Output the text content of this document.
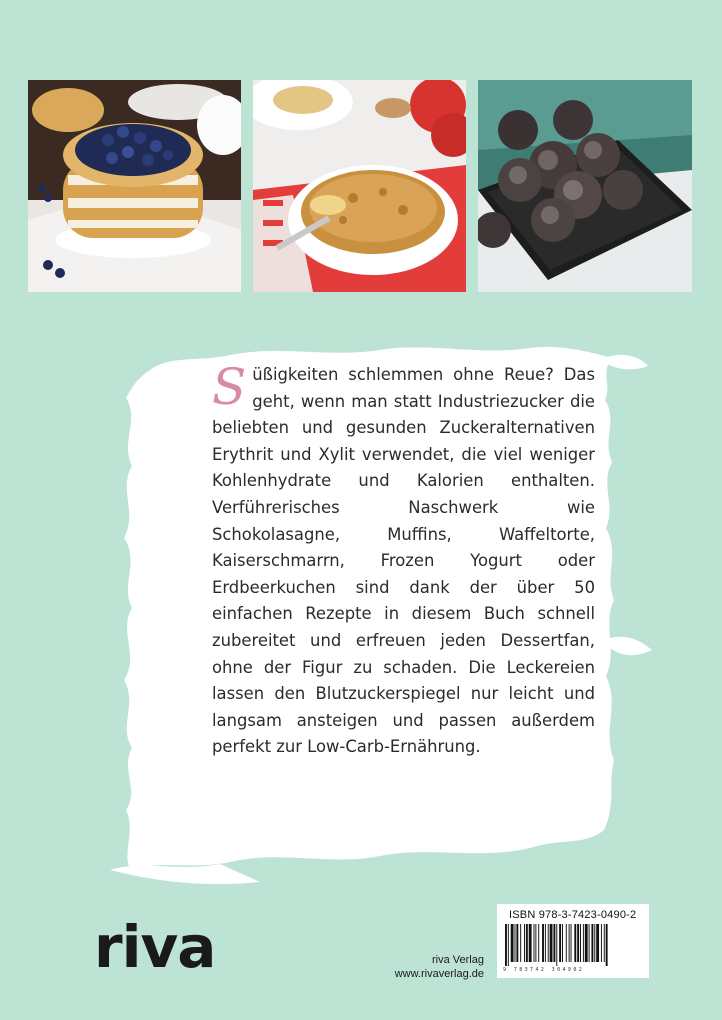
Süßigkeiten schlemmen ohne Reue? Das geht, wenn man statt Industriezucker die beliebten und gesunden Zuckeralternativen Erythrit und Xylit verwendet, die viel weniger Kohlenhydrate und Kalorien enthalten. Verführerisches Naschwerk wie Schokolasagne, Muffins, Waffeltorte, Kaiserschmarrn, Frozen Yogurt oder Erdbeerkuchen sind dank der über 50 einfachen Rezepte in diesem Buch schnell zubereitet und erfreuen jeden Dessertfan, ohne der Figur zu schaden. Die Leckereien lassen den Blutzuckerspiegel nur leicht und langsam ansteigen und passen außerdem perfekt zur Low-Carb-Ernährung.

riva	riva Verlag
www.rivaverlag.de
ISBN 978-3-7423-0490-2
9 783742 304902
